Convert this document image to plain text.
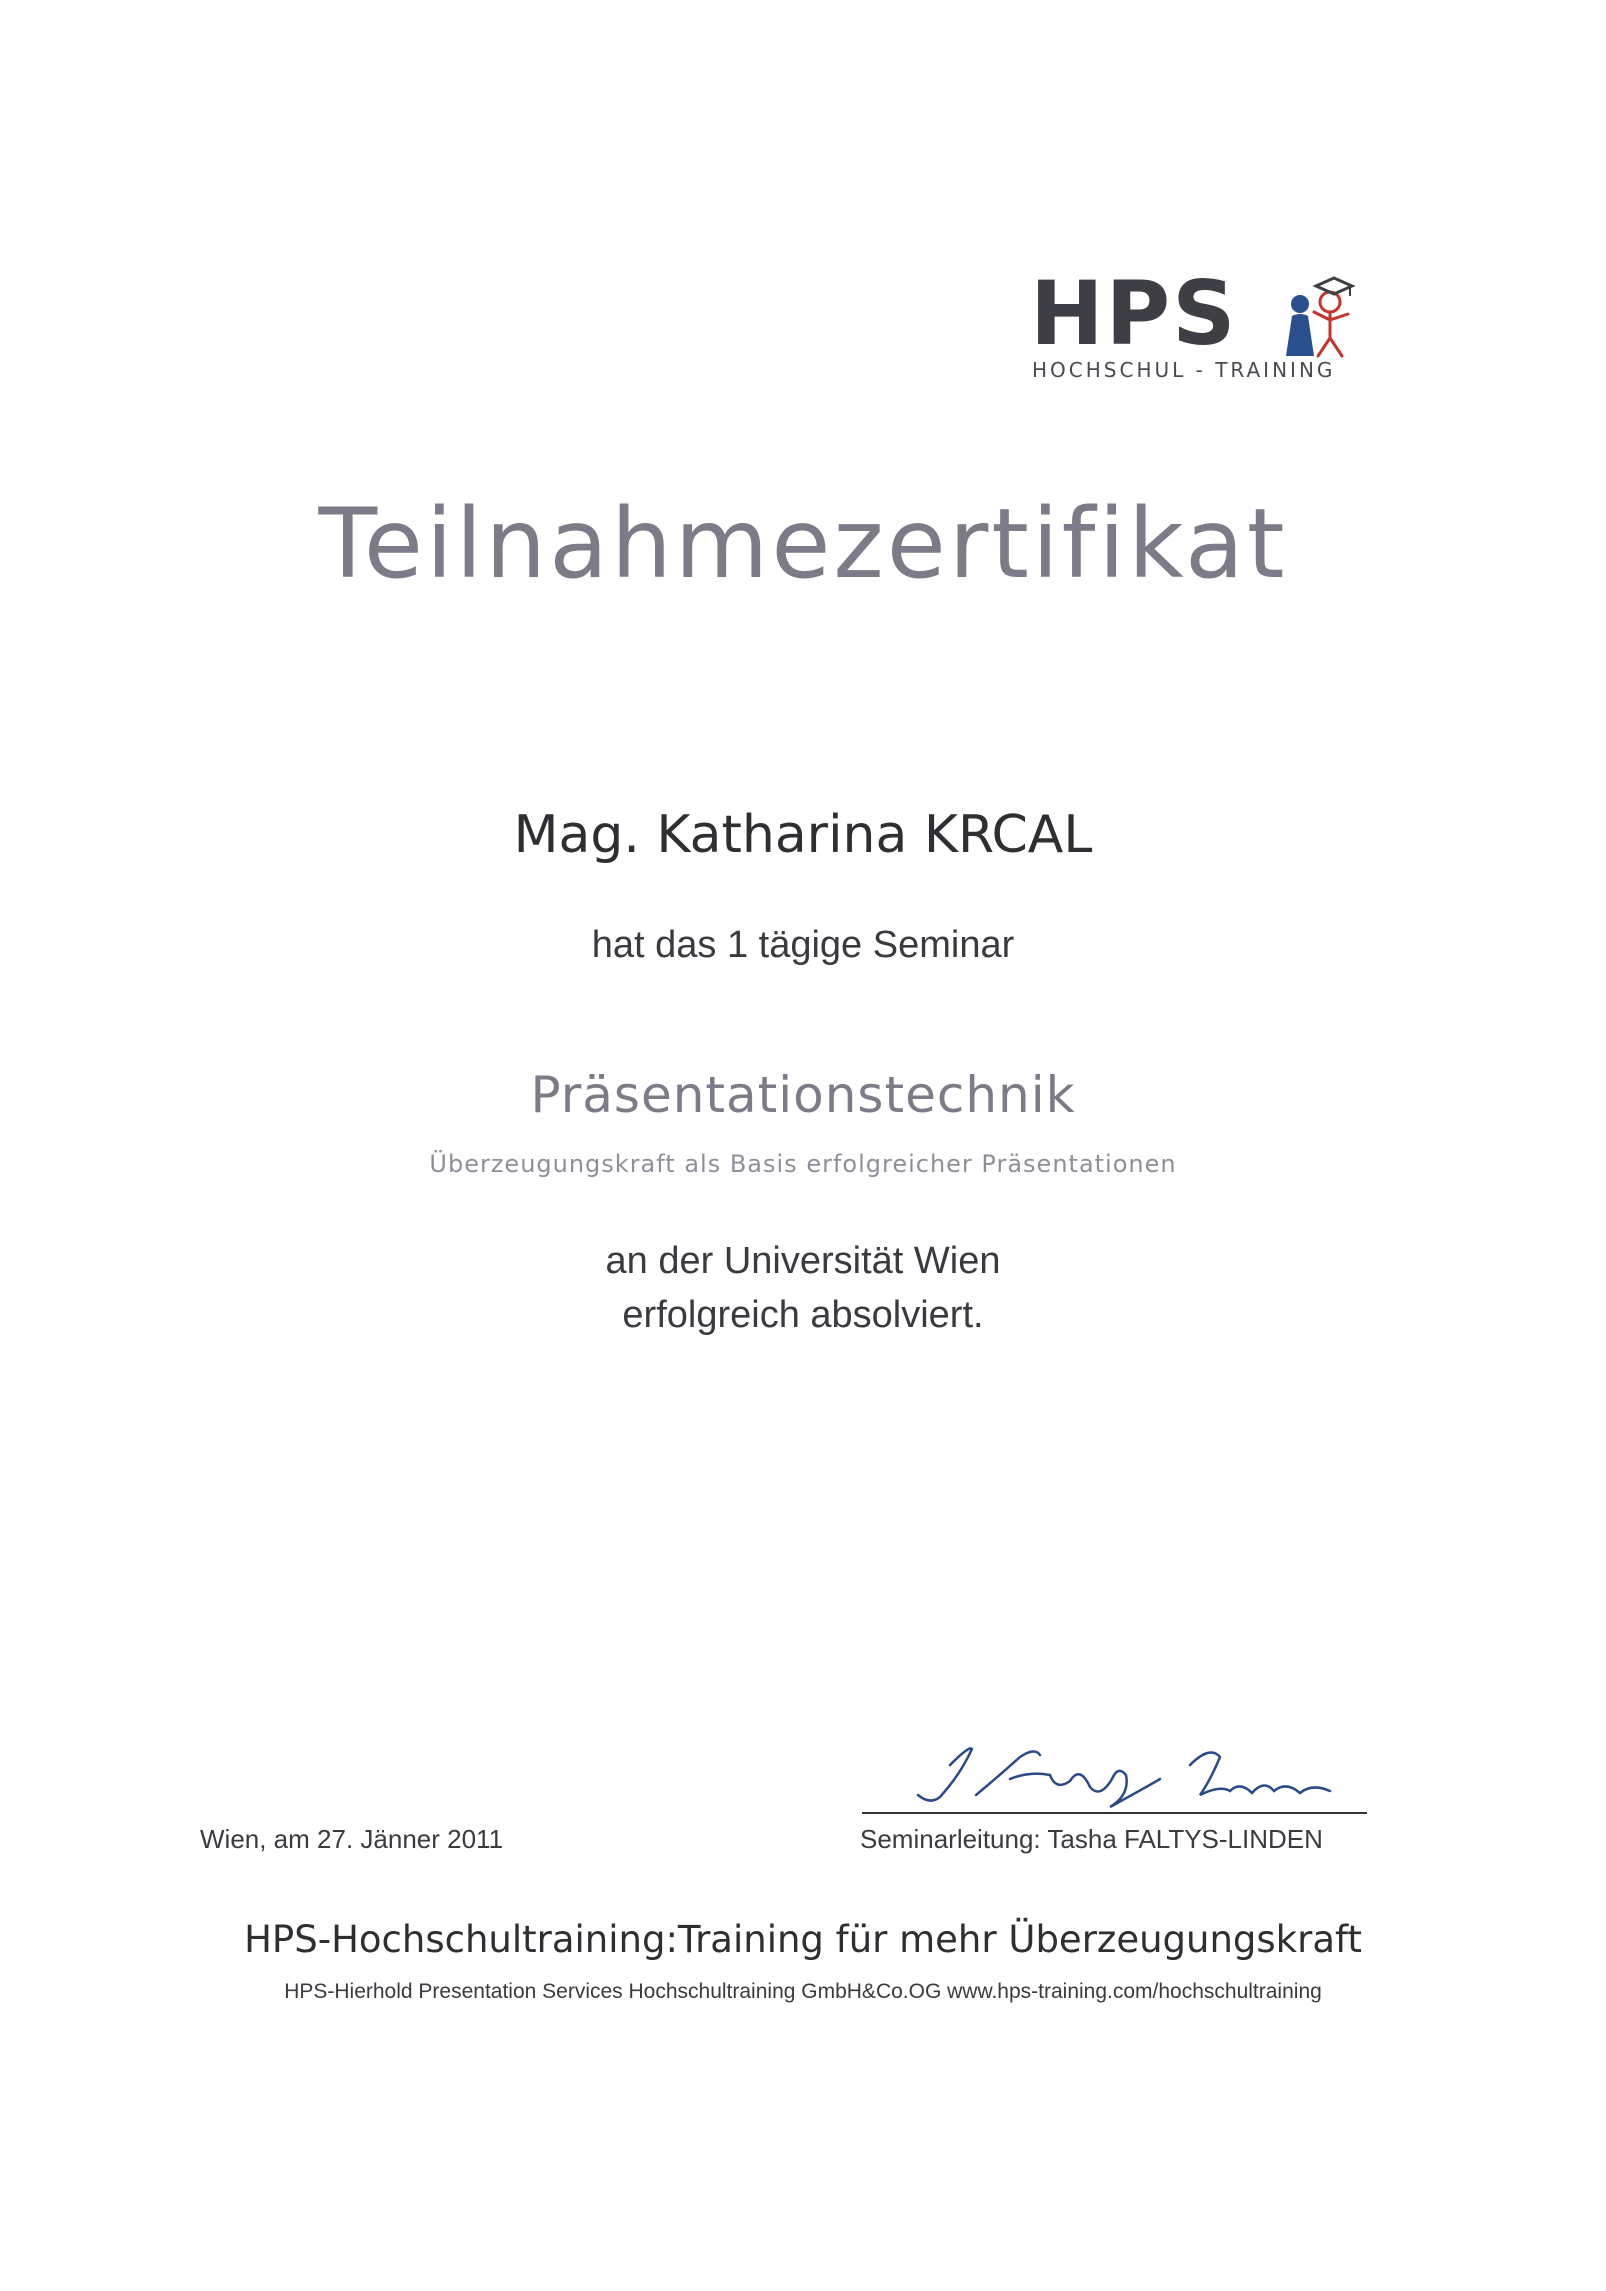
HPS
HOCHSCHUL - TRAINING
Teilnahmezertifikat
Mag. Katharina KRCAL
hat das 1 tägige Seminar
Präsentationstechnik
Überzeugungskraft als Basis erfolgreicher Präsentationen
an der Universität Wien
erfolgreich absolviert.
Wien, am 27. Jänner 2011	Seminarleitung: Tasha FALTYS-LINDEN
HPS-Hochschultraining:Training für mehr Überzeugungskraft
HPS-Hierhold Presentation Services Hochschultraining GmbH&Co.OG www.hps-training.com/hochschultraining
